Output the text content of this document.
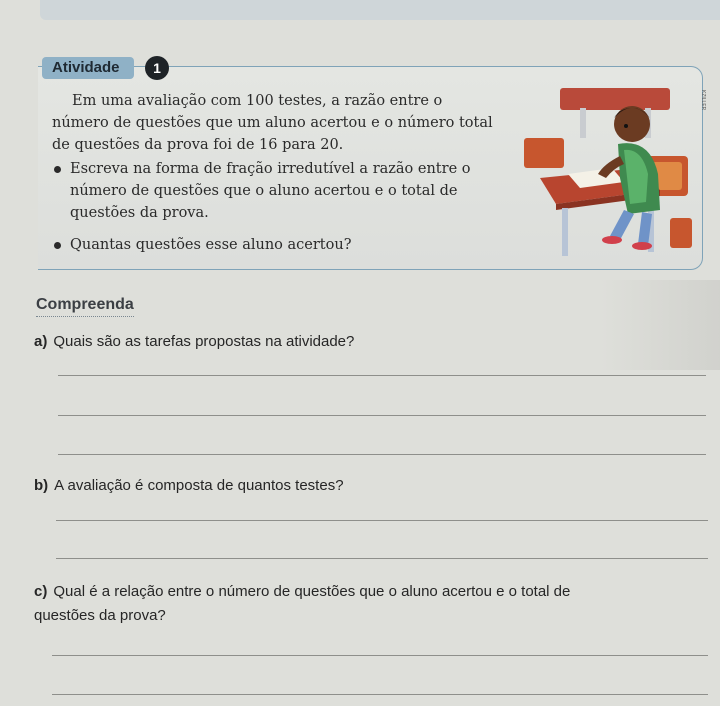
Atividade	1

Em uma avaliação com 100 testes, a razão entre o número de questões que um aluno acertou e o número total de questões da prova foi de 16 para 20.

Escreva na forma de fração irredutível a razão entre o número de questões que o aluno acertou e o total de questões da prova.
Quantas questões esse aluno acertou?
KZILLER
Compreenda
a) Quais são as tarefas propostas na atividade?
b) A avaliação é composta de quantos testes?
c) Qual é a relação entre o número de questões que o aluno acertou e o total de questões da prova?
